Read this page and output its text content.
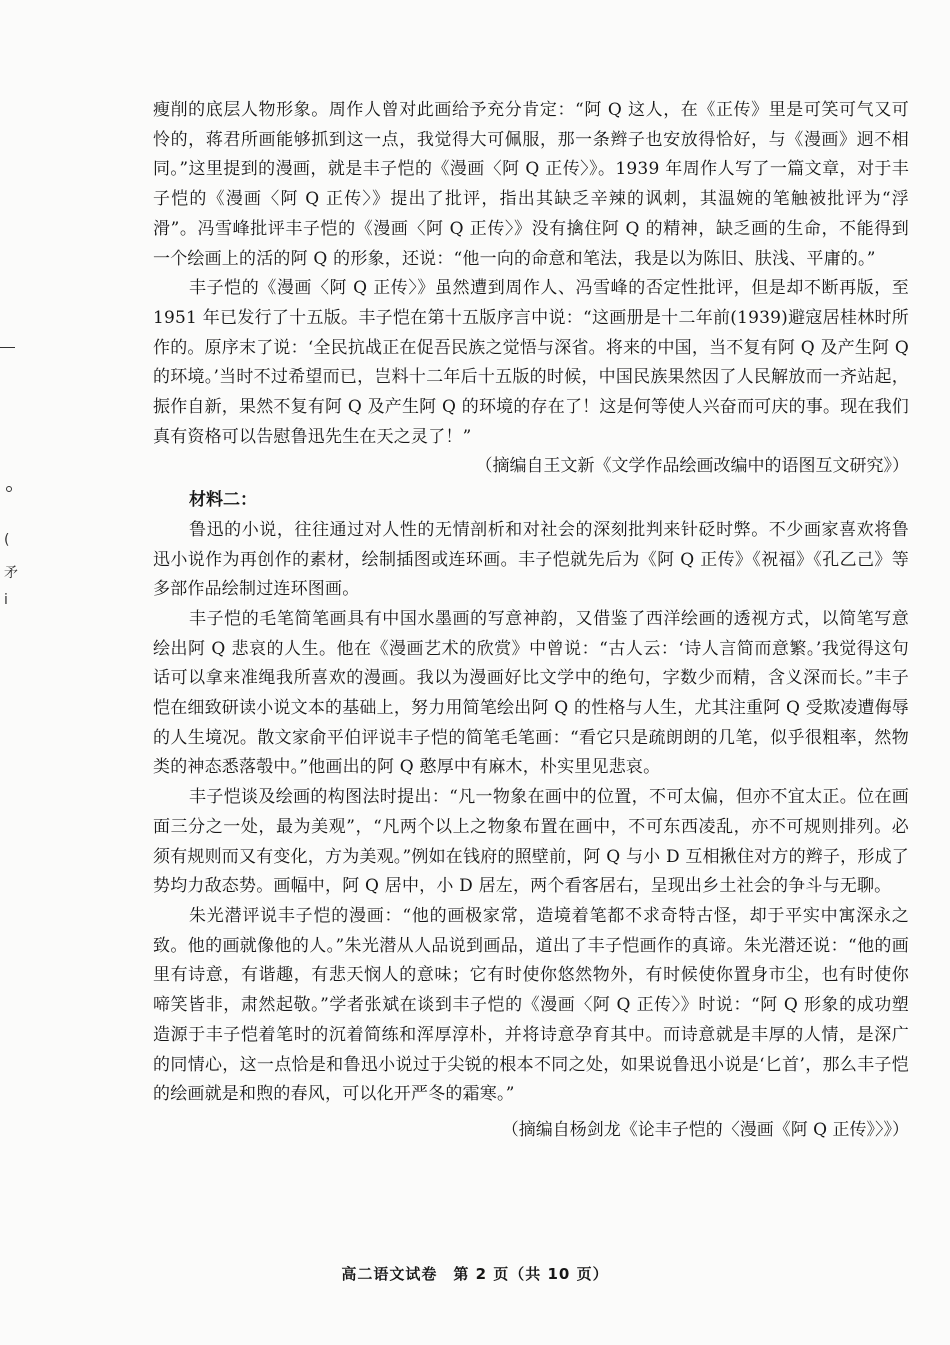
(
矛
i

瘦削的底层人物形象。周作人曾对此画给予充分肯定：“阿 Q 这人，在《正传》里是可笑可气又可怜的，蒋君所画能够抓到这一点，我觉得大可佩服，那一条辫子也安放得恰好，与《漫画》迥不相同。”这里提到的漫画，就是丰子恺的《漫画〈阿 Q 正传〉》。1939 年周作人写了一篇文章，对于丰子恺的《漫画〈阿 Q 正传〉》提出了批评，指出其缺乏辛辣的讽刺，其温婉的笔触被批评为“浮滑”。冯雪峰批评丰子恺的《漫画〈阿 Q 正传〉》没有擒住阿 Q 的精神，缺乏画的生命，不能得到一个绘画上的活的阿 Q 的形象，还说：“他一向的命意和笔法，我是以为陈旧、肤浅、平庸的。”

丰子恺的《漫画〈阿 Q 正传〉》虽然遭到周作人、冯雪峰的否定性批评，但是却不断再版，至 1951 年已发行了十五版。丰子恺在第十五版序言中说：“这画册是十二年前(1939)避寇居桂林时所作的。原序末了说：‘全民抗战正在促吾民族之觉悟与深省。将来的中国，当不复有阿 Q 及产生阿 Q 的环境。’当时不过希望而已，岂料十二年后十五版的时候，中国民族果然因了人民解放而一齐站起，振作自新，果然不复有阿 Q 及产生阿 Q 的环境的存在了！这是何等使人兴奋而可庆的事。现在我们真有资格可以告慰鲁迅先生在天之灵了！”

（摘编自王文新《文学作品绘画改编中的语图互文研究》）

材料二：

鲁迅的小说，往往通过对人性的无情剖析和对社会的深刻批判来针砭时弊。不少画家喜欢将鲁迅小说作为再创作的素材，绘制插图或连环画。丰子恺就先后为《阿 Q 正传》《祝福》《孔乙己》等多部作品绘制过连环图画。

丰子恺的毛笔简笔画具有中国水墨画的写意神韵，又借鉴了西洋绘画的透视方式，以简笔写意绘出阿 Q 悲哀的人生。他在《漫画艺术的欣赏》中曾说：“古人云：‘诗人言简而意繁。’我觉得这句话可以拿来准绳我所喜欢的漫画。我以为漫画好比文学中的绝句，字数少而精，含义深而长。”丰子恺在细致研读小说文本的基础上，努力用简笔绘出阿 Q 的性格与人生，尤其注重阿 Q 受欺凌遭侮辱的人生境况。散文家俞平伯评说丰子恺的简笔毛笔画：“看它只是疏朗朗的几笔，似乎很粗率，然物类的神态悉落彀中。”他画出的阿 Q 憨厚中有麻木，朴实里见悲哀。

丰子恺谈及绘画的构图法时提出：“凡一物象在画中的位置，不可太偏，但亦不宜太正。位在画面三分之一处，最为美观”，“凡两个以上之物象布置在画中，不可东西凌乱，亦不可规则排列。必须有规则而又有变化，方为美观。”例如在钱府的照壁前，阿 Q 与小 D 互相揪住对方的辫子，形成了势均力敌态势。画幅中，阿 Q 居中，小 D 居左，两个看客居右，呈现出乡土社会的争斗与无聊。

朱光潜评说丰子恺的漫画：“他的画极家常，造境着笔都不求奇特古怪，却于平实中寓深永之致。他的画就像他的人。”朱光潜从人品说到画品，道出了丰子恺画作的真谛。朱光潜还说：“他的画里有诗意，有谐趣，有悲天悯人的意味；它有时使你悠然物外，有时候使你置身市尘，也有时使你啼笑皆非，肃然起敬。”学者张斌在谈到丰子恺的《漫画〈阿 Q 正传〉》时说：“阿 Q 形象的成功塑造源于丰子恺着笔时的沉着简练和浑厚淳朴，并将诗意孕育其中。而诗意就是丰厚的人情，是深广的同情心，这一点恰是和鲁迅小说过于尖锐的根本不同之处，如果说鲁迅小说是‘匕首’，那么丰子恺的绘画就是和煦的春风，可以化开严冬的霜寒。”

（摘编自杨剑龙《论丰子恺的〈漫画《阿 Q 正传》〉》）

高二语文试卷　第 2 页（共 10 页）
